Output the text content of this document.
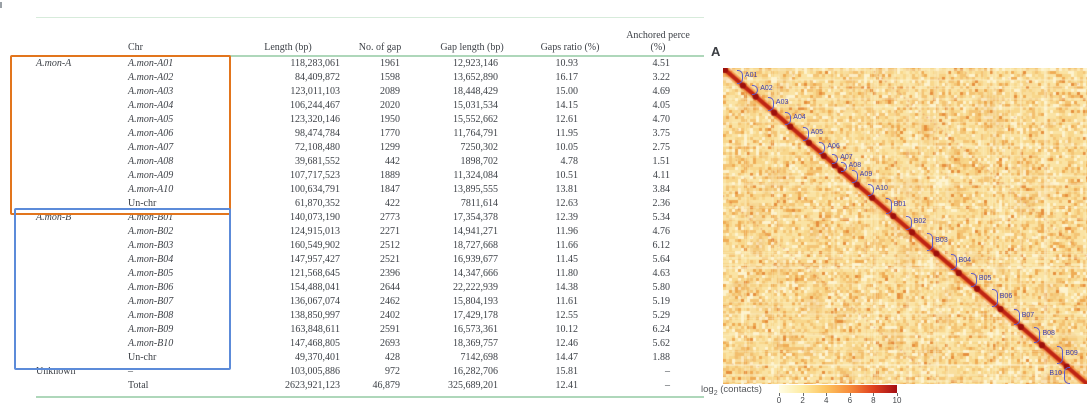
Chr	Length (bp)	No. of gap	Gap length (bp)	Gaps ratio (%)
Anchored perce
(%)
A.mon-A	A.mon-A01	118,283,061	1961	12,923,146	10.93	4.51
A.mon-A02	84,409,872	1598	13,652,890	16.17	3.22
A.mon-A03	123,011,103	2089	18,448,429	15.00	4.69
A.mon-A04	106,244,467	2020	15,031,534	14.15	4.05
A.mon-A05	123,320,146	1950	15,552,662	12.61	4.70
A.mon-A06	98,474,784	1770	11,764,791	11.95	3.75
A.mon-A07	72,108,480	1299	7250,302	10.05	2.75
A.mon-A08	39,681,552	442	1898,702	4.78	1.51
A.mon-A09	107,717,523	1889	11,324,084	10.51	4.11
A.mon-A10	100,634,791	1847	13,895,555	13.81	3.84
Un-chr	61,870,352	422	7811,614	12.63	2.36
A.mon-B	A.mon-B01	140,073,190	2773	17,354,378	12.39	5.34
A.mon-B02	124,915,013	2271	14,941,271	11.96	4.76
A.mon-B03	160,549,902	2512	18,727,668	11.66	6.12
A.mon-B04	147,957,427	2521	16,939,677	11.45	5.64
A.mon-B05	121,568,645	2396	14,347,666	11.80	4.63
A.mon-B06	154,488,041	2644	22,222,939	14.38	5.80
A.mon-B07	136,067,074	2462	15,804,193	11.61	5.19
A.mon-B08	138,850,997	2402	17,429,178	12.55	5.29
A.mon-B09	163,848,611	2591	16,573,361	10.12	6.24
A.mon-B10	147,468,805	2693	18,369,757	12.46	5.62
Un-chr	49,370,401	428	7142,698	14.47	1.88
Unknown	–	103,005,886	972	16,282,706	15.81	–
Total	2623,921,123	46,879	325,689,201	12.41	–
A
A01
A02
A03
A04
A05
A06
A07
A08
A09
A10
B01
B02
B03
B04
B05
B06
B07
B08
B09
B10
$\log_2$ (contacts)
0	2	4	6	8	10
